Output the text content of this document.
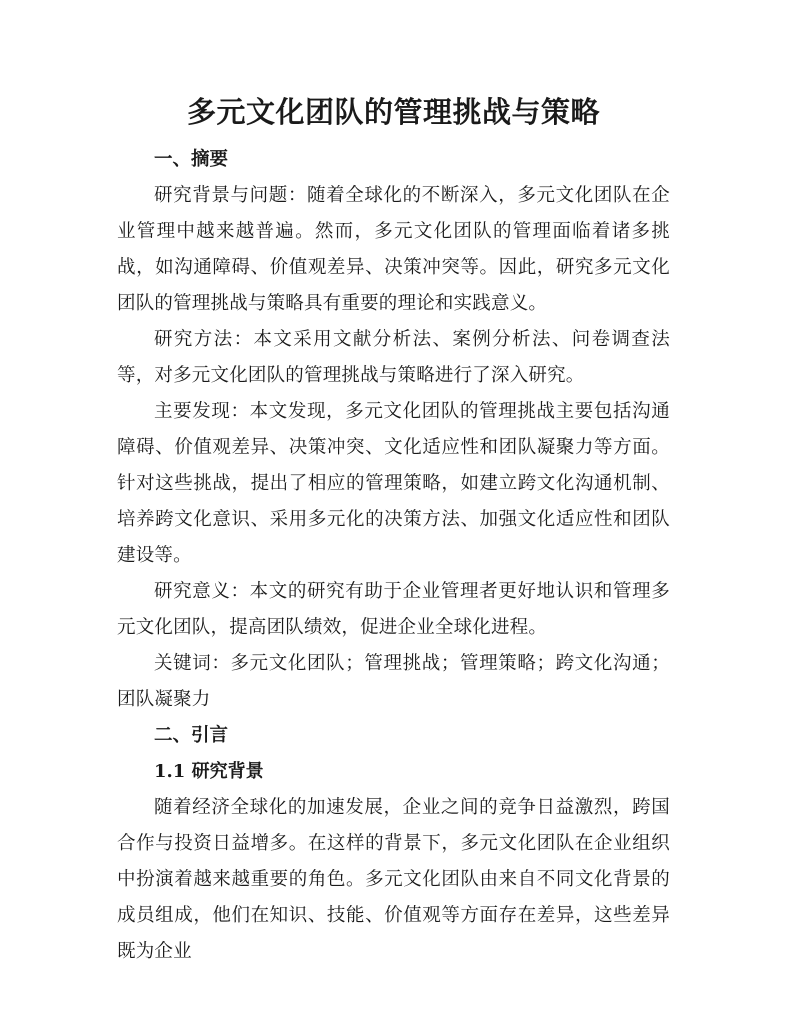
多元文化团队的管理挑战与策略
一、摘要

研究背景与问题：随着全球化的不断深入，多元文化团队在企业管理中越来越普遍。然而，多元文化团队的管理面临着诸多挑战，如沟通障碍、价值观差异、决策冲突等。因此，研究多元文化团队的管理挑战与策略具有重要的理论和实践意义。

研究方法：本文采用文献分析法、案例分析法、问卷调查法等，对多元文化团队的管理挑战与策略进行了深入研究。

主要发现：本文发现，多元文化团队的管理挑战主要包括沟通障碍、价值观差异、决策冲突、文化适应性和团队凝聚力等方面。针对这些挑战，提出了相应的管理策略，如建立跨文化沟通机制、培养跨文化意识、采用多元化的决策方法、加强文化适应性和团队建设等。

研究意义：本文的研究有助于企业管理者更好地认识和管理多元文化团队，提高团队绩效，促进企业全球化进程。

关键词：多元文化团队；管理挑战；管理策略；跨文化沟通；团队凝聚力

二、引言
1.1 研究背景

随着经济全球化的加速发展，企业之间的竞争日益激烈，跨国合作与投资日益增多。在这样的背景下，多元文化团队在企业组织中扮演着越来越重要的角色。多元文化团队由来自不同文化背景的成员组成，他们在知识、技能、价值观等方面存在差异，这些差异既为企业
